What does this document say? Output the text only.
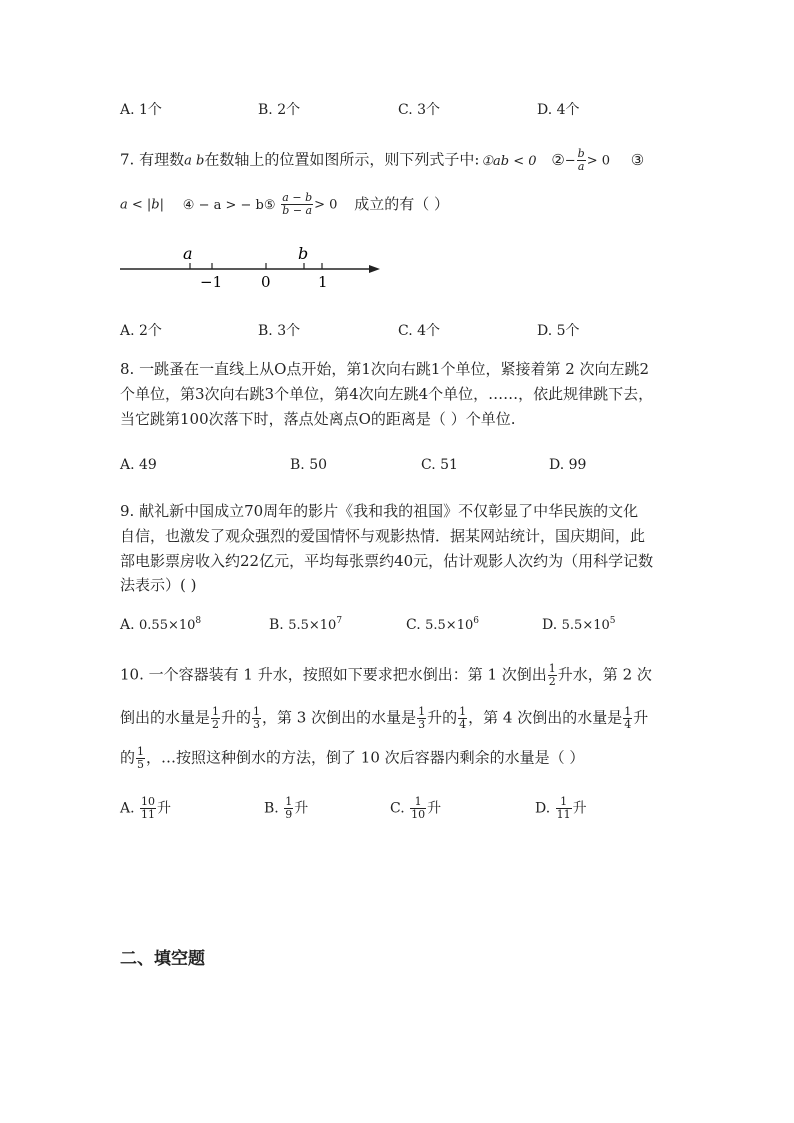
A. 1个	B. 2个	C. 3个	D. 4个
7. 有理数a b在数轴上的位置如图所示，则下列式子中: ①ab < 0 ②− $\frac{b}{a} > 0$ ③
a < |b| ④ − a > − b⑤ $\frac{a - b}{b - a} > 0$ 成立的有（ ）
a	b
−1	0	1
A. 2个	B. 3个	C. 4个	D. 5个
8. 一跳蚤在一直线上从O点开始，第1次向右跳1个单位，紧接着第 2 次向左跳2
个单位，第3次向右跳3个单位，第4次向左跳4个单位，……，依此规律跳下去，
当它跳第100次落下时，落点处离点O的距离是（ ）个单位.
A. 49	B. 50	C. 51	D. 99
9. 献礼新中国成立70周年的影片《我和我的祖国》不仅彰显了中华民族的文化
自信，也激发了观众强烈的爱国情怀与观影热情．据某网站统计，国庆期间，此
部电影票房收入约22亿元，平均每张票约40元，估计观影人次约为（用科学记数
法表示）( )
A. $0.55\times 10^8$	B. $5.5\times 10^7$	C. $5.5\times 10^6$	D. $5.5\times 10^5$
10. 一个容器装有 1 升水，按照如下要求把水倒出：第 1 次倒出 $\frac{1}{2}$ 升水，第 2 次
倒出的水量是 $\frac{1}{2}$ 升的 $\frac{1}{3}$ ，第 3 次倒出的水量是 $\frac{1}{3}$ 升的 $\frac{1}{4}$ ，第 4 次倒出的水量是 $\frac{1}{4}$ 升
的 $\frac{1}{5}$ ，…按照这种倒水的方法，倒了 10 次后容器内剩余的水量是（ ）
A. $\frac{10}{11}$ 升	B. $\frac{1}{9}$ 升	C. $\frac{1}{10}$ 升	D. $\frac{1}{11}$ 升
二、填空题
